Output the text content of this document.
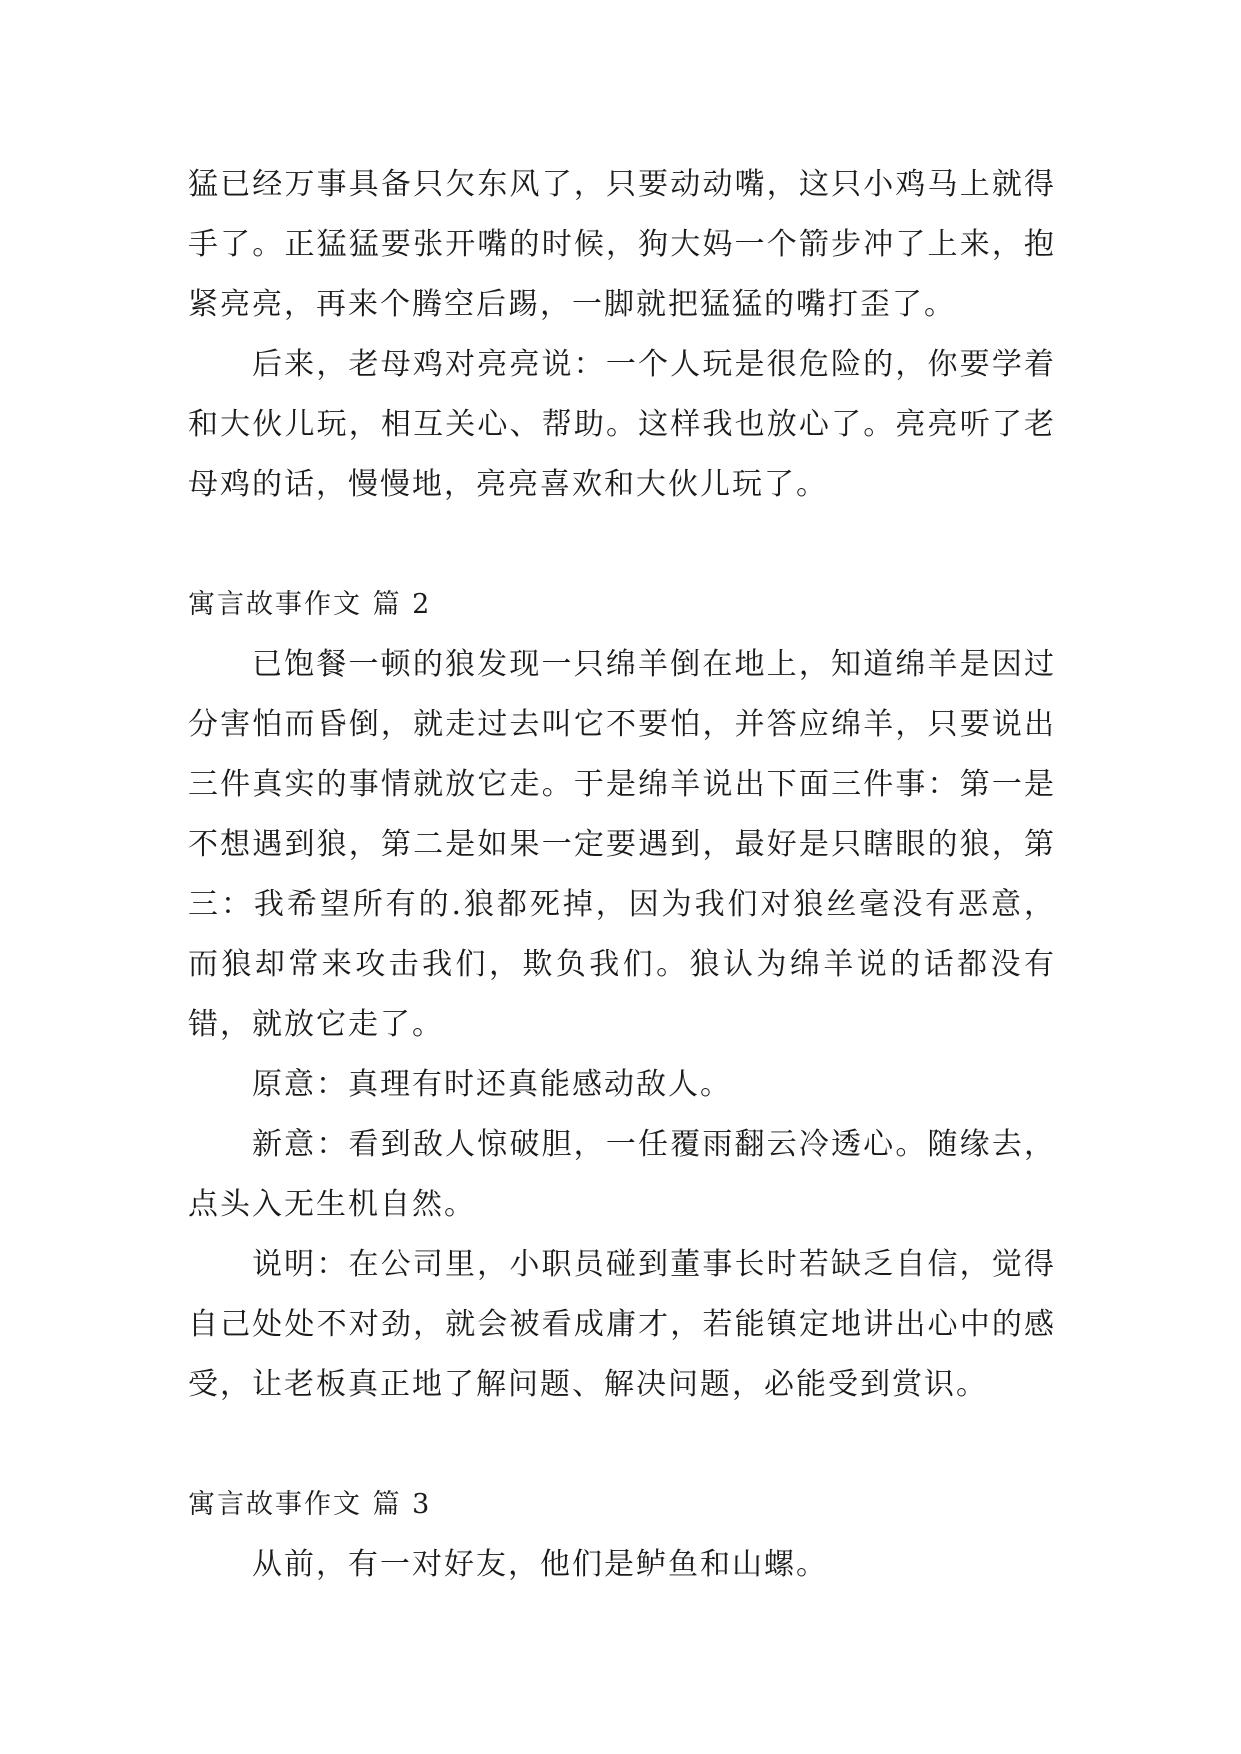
猛已经万事具备只欠东风了，只要动动嘴，这只小鸡马上就得手了。正猛猛要张开嘴的时候，狗大妈一个箭步冲了上来，抱紧亮亮，再来个腾空后踢，一脚就把猛猛的嘴打歪了。

后来，老母鸡对亮亮说：一个人玩是很危险的，你要学着和大伙儿玩，相互关心、帮助。这样我也放心了。亮亮听了老母鸡的话，慢慢地，亮亮喜欢和大伙儿玩了。

寓言故事作文 篇 2

已饱餐一顿的狼发现一只绵羊倒在地上，知道绵羊是因过分害怕而昏倒，就走过去叫它不要怕，并答应绵羊，只要说出三件真实的事情就放它走。于是绵羊说出下面三件事：第一是不想遇到狼，第二是如果一定要遇到，最好是只瞎眼的狼，第三：我希望所有的.狼都死掉，因为我们对狼丝毫没有恶意，而狼却常来攻击我们，欺负我们。狼认为绵羊说的话都没有错，就放它走了。

原意：真理有时还真能感动敌人。

新意：看到敌人惊破胆，一任覆雨翻云冷透心。随缘去，点头入无生机自然。

说明：在公司里，小职员碰到董事长时若缺乏自信，觉得自己处处不对劲，就会被看成庸才，若能镇定地讲出心中的感受，让老板真正地了解问题、解决问题，必能受到赏识。

寓言故事作文 篇 3

从前，有一对好友，他们是鲈鱼和山螺。
